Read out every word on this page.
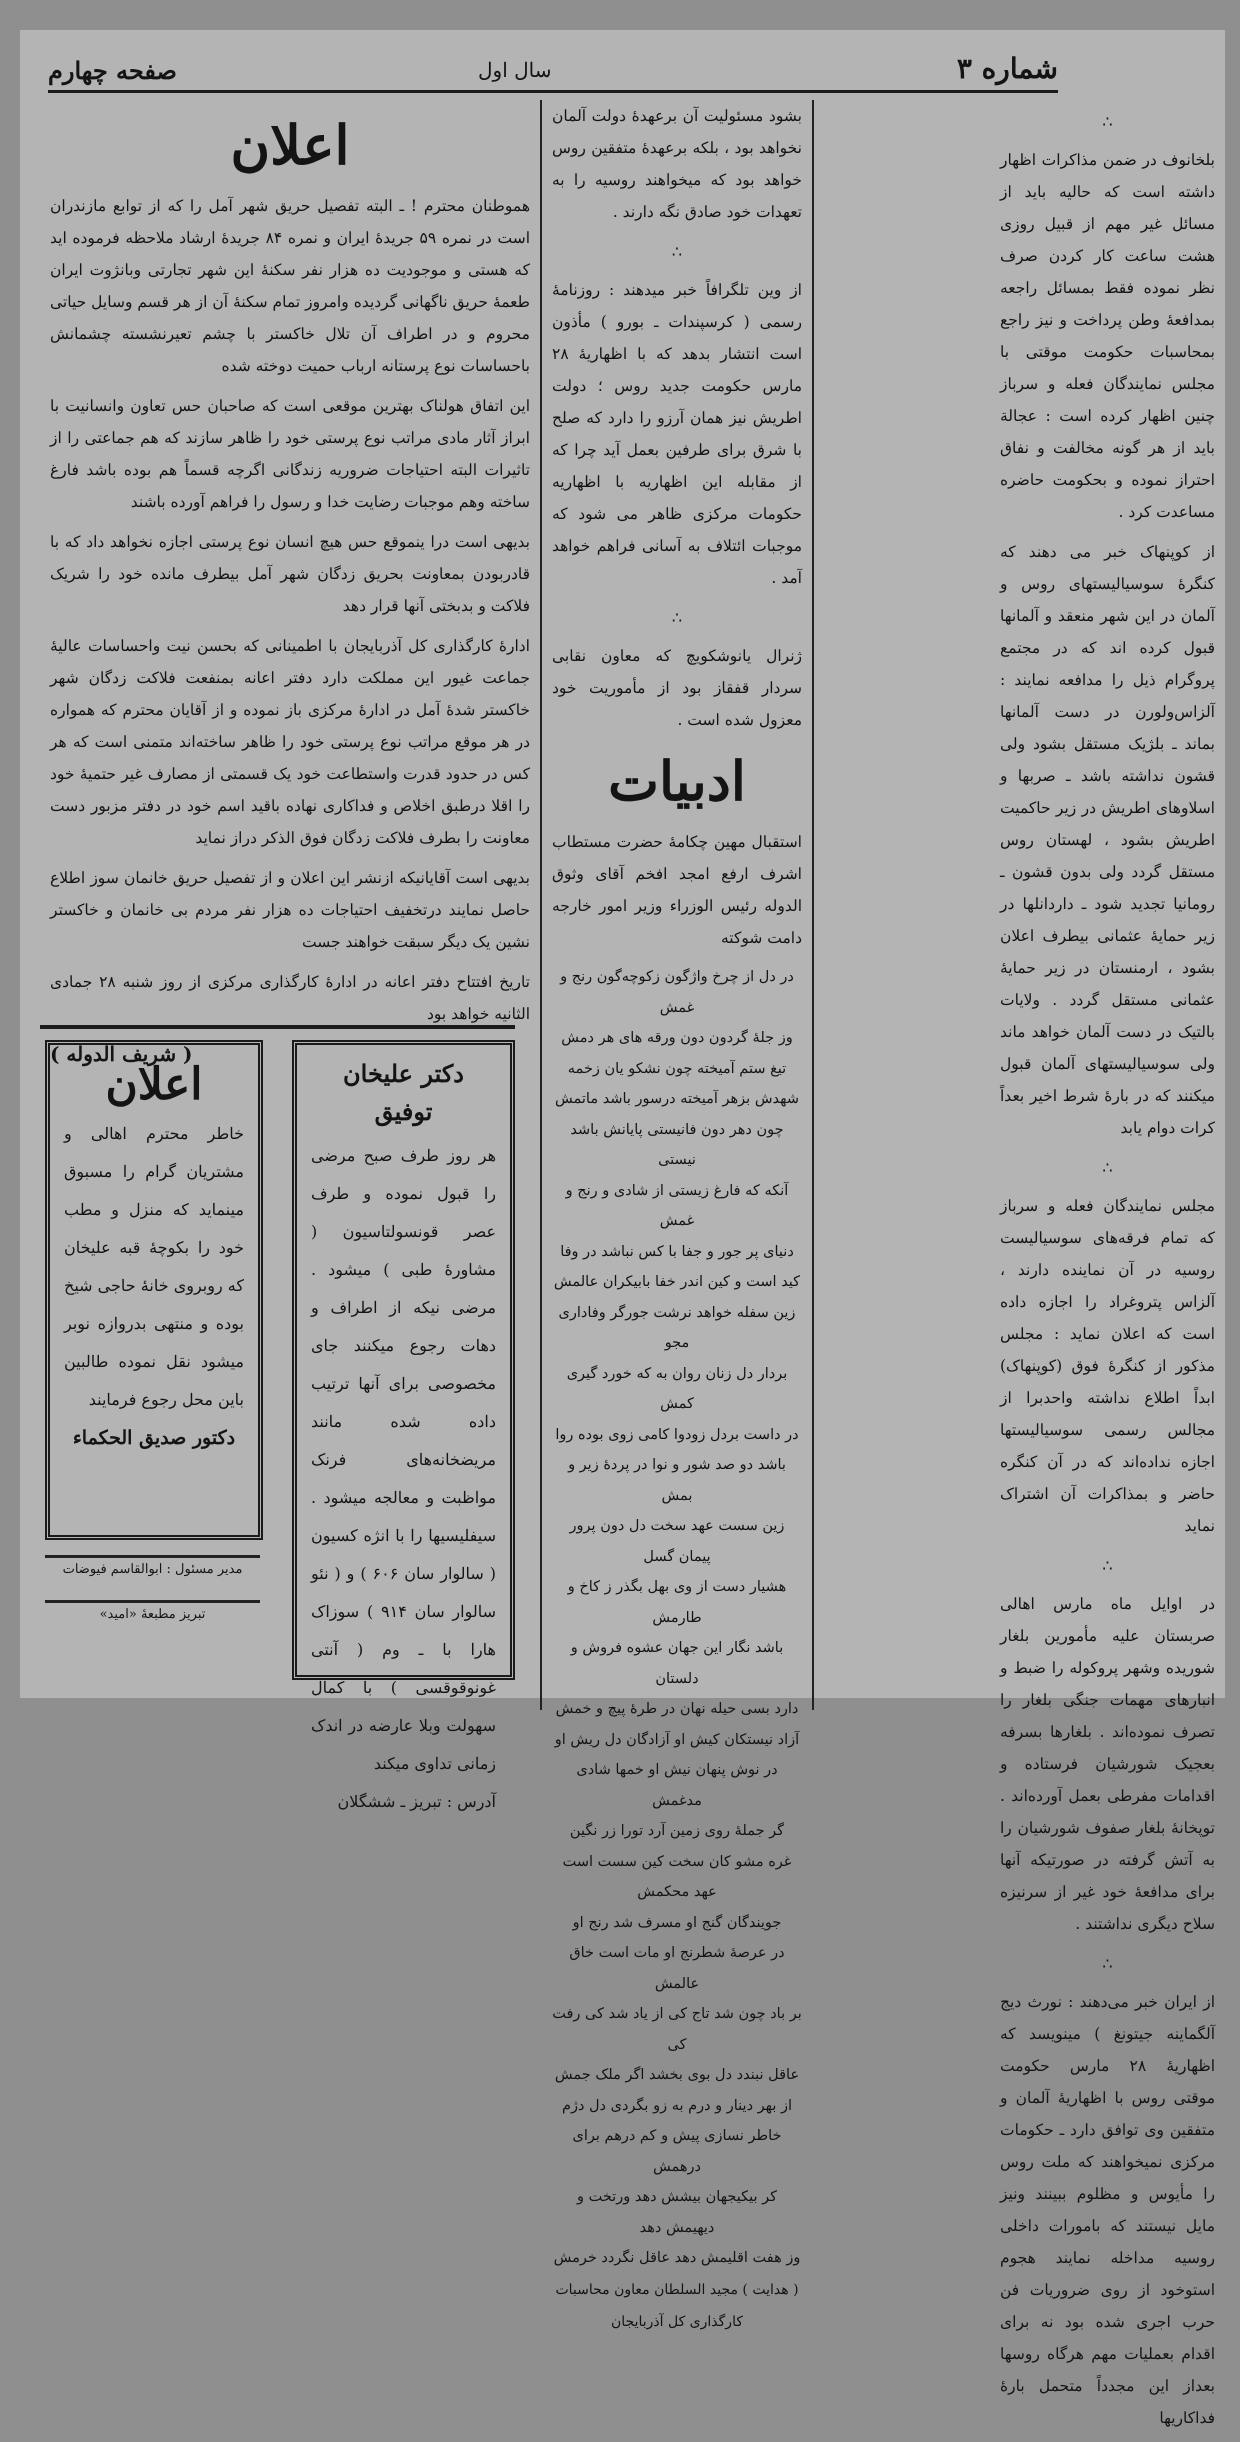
شماره ۳
سال اول
صفحه چهارم
∴

بلخانوف در ضمن مذاکرات اظهار داشته است که حالیه باید از مسائل غیر مهم از قبیل روزی هشت ساعت کار کردن صرف نظر نموده فقط بمسائل راجعه بمدافعهٔ وطن پرداخت و نیز راجع بمحاسبات حکومت موقتی با مجلس نمایندگان فعله و سرباز چنین اظهار کرده است : عجالة باید از هر گونه مخالفت و نفاق احتراز نموده و بحکومت حاضره مساعدت کرد .

از کوپنهاک خبر می دهند که کنگرهٔ سوسیالیستهای روس و آلمان در این شهر منعقد و آلمانها قبول کرده اند که در مجتمع پروگرام ذیل را مدافعه نمایند : آلزاس‌ولورن در دست آلمانها بماند ـ بلژیک مستقل بشود ولی قشون نداشته باشد ـ صربها و اسلاوهای اطریش در زیر حاکمیت اطریش بشود ، لهستان روس مستقل گردد ولی بدون قشون ـ رومانیا تجدید شود ـ داردانلها در زیر حمایهٔ عثمانی بیطرف اعلان بشود ، ارمنستان در زیر حمایهٔ عثمانی مستقل گردد . ولایات بالتیک در دست آلمان خواهد ماند ولی سوسیالیستهای آلمان قبول میکنند که در بارهٔ شرط اخیر بعداً کرات دوام یابد

∴

مجلس نمایندگان فعله و سرباز که تمام فرقه‌های سوسیالیست روسیه در آن نماینده دارند ، آلزاس پتروغراد را اجازه داده است که اعلان نماید : مجلس مذکور از کنگرهٔ فوق (کوپنهاک) ابداً اطلاع نداشته واحدبرا از مجالس رسمی سوسیالیستها اجازه نداده‌اند که در آن کنگره حاضر و بمذاکرات آن اشتراک نماید

∴

در اوایل ماه مارس اهالی صربستان علیه مأمورین بلغار شوریده وشهر پروکوله را ضبط و انبارهای مهمات جنگی بلغار را تصرف نموده‌اند . بلغارها بسرفه بعجیک شورشیان فرستاده و اقدامات مفرطی بعمل آورده‌اند . توپخانهٔ بلغار صفوف شورشیان را به آتش گرفته در صورتیکه آنها برای مدافعهٔ خود غیر از سرنیزه سلاح دیگری نداشتند .

∴

از ایران خبر می‌دهند : نورث دیج آلگماینه جیتونغ ) مینویسد که اظهاریهٔ ۲۸ مارس حکومت موقتی روس با اظهاریهٔ آلمان و متفقین وی توافق دارد ـ حکومات مرکزی نمیخواهند که ملت روس را مأیوس و مظلوم ببینند ونیز مایل نیستند که بامورات داخلی روسیه مداخله نمایند هجوم استوخود از روی ضروریات فن حرب اجری شده بود نه برای اقدام بعملیات مهم هرگاه روسها بعداز این مجدداً متحمل بارهٔ فداکاریها

بشود مسئولیت آن برعهدهٔ دولت آلمان نخواهد بود ، بلکه برعهدهٔ متفقین روس خواهد بود که میخواهند روسیه را به تعهدات خود صادق نگه دارند .

∴

از وین تلگرافاً خبر میدهند : روزنامهٔ رسمی ( کرسپندات ـ بورو ) مأذون است انتشار بدهد که با اظهاریهٔ ۲۸ مارس حکومت جدید روس ؛ دولت اطریش نیز همان آرزو را دارد که صلح با شرق برای طرفین بعمل آید چرا که از مقابله این اظهاریه با اظهاریه حکومات مرکزی ظاهر می شود که موجبات ائتلاف به آسانی فراهم خواهد آمد .

∴

ژنرال یانوشکویچ که معاون نقابی سردار قفقاز بود از مأموریت خود معزول شده است .

ادبیات

استقبال مهین چکامهٔ حضرت مستطاب اشرف ارفع امجد افخم آقای وثوق الدوله رئیس الوزراء وزیر امور خارجه دامت شوکته

در دل از چرخ واژگون زکوچه‌گون رنج و غمش
وز جلهٔ گردون دون ورقه های هر دمش
تیغ ستم آمیخته چون نشکو یان زخمه
شهدش بزهر آمیخته درسور باشد ماتمش
چون دهر دون فانیستی پایانش باشد نیستی
آنکه که فارغ زیستی از شادی و رنج و غمش
دنیای پر جور و جفا با کس نباشد در وفا
کید است و کین اندر خفا بابیکران عالمش
زین سفله خواهد نرشت جورگر وفاداری مجو
بردار دل زنان روان به که خورد گیری کمش
در داست بردل زودوا کامی زوی بوده روا
باشد دو صد شور و نوا در پردهٔ زیر و بمش
زین سست عهد سخت دل دون پرور پیمان گسل
هشیار دست از وی بهل بگذر ز کاخ و طارمش
باشد نگار این جهان عشوه فروش و دلستان
دارد بسی حیله نهان در طرهٔ پیچ و خمش
آزاد نیستکان کیش او آزادگان دل ریش او
در نوش پنهان نیش او خمها شادی مدغمش
گر جملهٔ روی زمین آرد تورا زر نگین
غره مشو کان سخت کین سست است عهد محکمش
جویندگان گنج او مسرف شد رنج او
در عرصهٔ شطرنج او مات است خاق عالمش
بر باد چون شد تاج کی از یاد شد کی رفت کی
عاقل نبندد دل بوی بخشد اگر ملک جمش
از بهر دینار و درم به زو بگردی دل دژم
خاطر نسازی پیش و کم درهم برای درهمش
کر بیکیجهان بیشش دهد ورتخت و دیهیمش دهد
وز هفت اقلیمش دهد عاقل نگردد خرمش
( هدایت ) مجید السلطان معاون محاسبات
کارگذاری کل آذربایجان
اعلان

هموطنان محترم ! ـ البته تفصیل حریق شهر آمل را که از توابع مازندران است در نمره ۵۹ جریدهٔ ایران و نمره ۸۴ جریدهٔ ارشاد ملاحظه فرموده اید که هستی و موجودیت ده هزار نفر سکنهٔ این شهر تجارتی وبانژوت ایران طعمهٔ حریق ناگهانی گردیده وامروز تمام سکنهٔ آن از هر قسم وسایل حیاتی محروم و در اطراف آن تلال خاکستر با چشم تعیرنشسته چشمانش باحساسات نوع پرستانه ارباب حمیت دوخته شده

این اتفاق هولناک بهترین موقعی است که صاحبان حس تعاون وانسانیت با ابراز آثار مادی مراتب نوع پرستی خود را ظاهر سازند که هم جماعتی را از تاثیرات البته احتیاجات ضروریه زندگانی اگرچه قسماً هم بوده باشد فارغ ساخته وهم موجبات رضایت خدا و رسول را فراهم آورده باشند

بدیهی است درا ینموقع حس هیچ انسان نوع پرستی اجازه نخواهد داد که با قادربودن بمعاونت بحریق زدگان شهر آمل بیطرف مانده خود را شریک فلاکت و بدبختی آنها قرار دهد

ادارهٔ کارگذاری کل آذربایجان با اطمینانی که بحسن نیت واحساسات عالیهٔ جماعت غیور این مملکت دارد دفتر اعانه بمنفعت فلاکت زدگان شهر خاکستر شدهٔ آمل در ادارهٔ مرکزی باز نموده و از آقایان محترم که همواره در هر موقع مراتب نوع پرستی خود را ظاهر ساخته‌اند متمنی است که هر کس در حدود قدرت واستطاعت خود یک قسمتی از مصارف غیر حتمیهٔ خود را اقلا درطبق اخلاص و فداکاری نهاده باقید اسم خود در دفتر مزبور دست معاونت را بطرف فلاکت زدگان فوق الذکر دراز نماید

بدیهی است آقایانیکه ازنشر این اعلان و از تفصیل حریق خانمان سوز اطلاع حاصل نمایند درتخفیف احتیاجات ده هزار نفر مردم بی خانمان و خاکستر نشین یک دیگر سبقت خواهند جست

تاریخ افتتاح دفتر اعانه در ادارهٔ کارگذاری مرکزی از روز شنبه ۲۸ جمادی الثانیه خواهد بود

( شریف الدوله )
دکتر علیخان توفیق
هر روز طرف صبح مرضی را قبول نموده و طرف عصر قونسولتاسیون ( مشاورهٔ طبی ) میشود . مرضی نیکه از اطراف و دهات رجوع میکنند جای مخصوصی برای آنها ترتیب داده شده مانند مریضخانه‌های فرنک مواظبت و معالجه میشود . سیفلیسیها را با انژه کسیون ( سالوار سان ۶۰۶ ) و ( نئو سالوار سان ۹۱۴ ) سوزاک هارا با ـ وم ( آنتی غونوقوقسی ) با کمال سهولت وبلا عارضه در اندک زمانی تداوی میکند
آدرس : تبریز ـ ششگلان
اعلان
خاطر محترم اهالی و مشتریان گرام را مسبوق مینماید که منزل و مطب خود را بکوچهٔ قبه علیخان که روبروی خانهٔ حاجی شیخ بوده و منتهی بدروازه نوبر میشود نقل نموده طالبین باین محل رجوع فرمایند
دکتور صدیق الحکماء
مدیر مسئول : ابوالقاسم فیوضات
تبریز مطبعهٔ «امید»
